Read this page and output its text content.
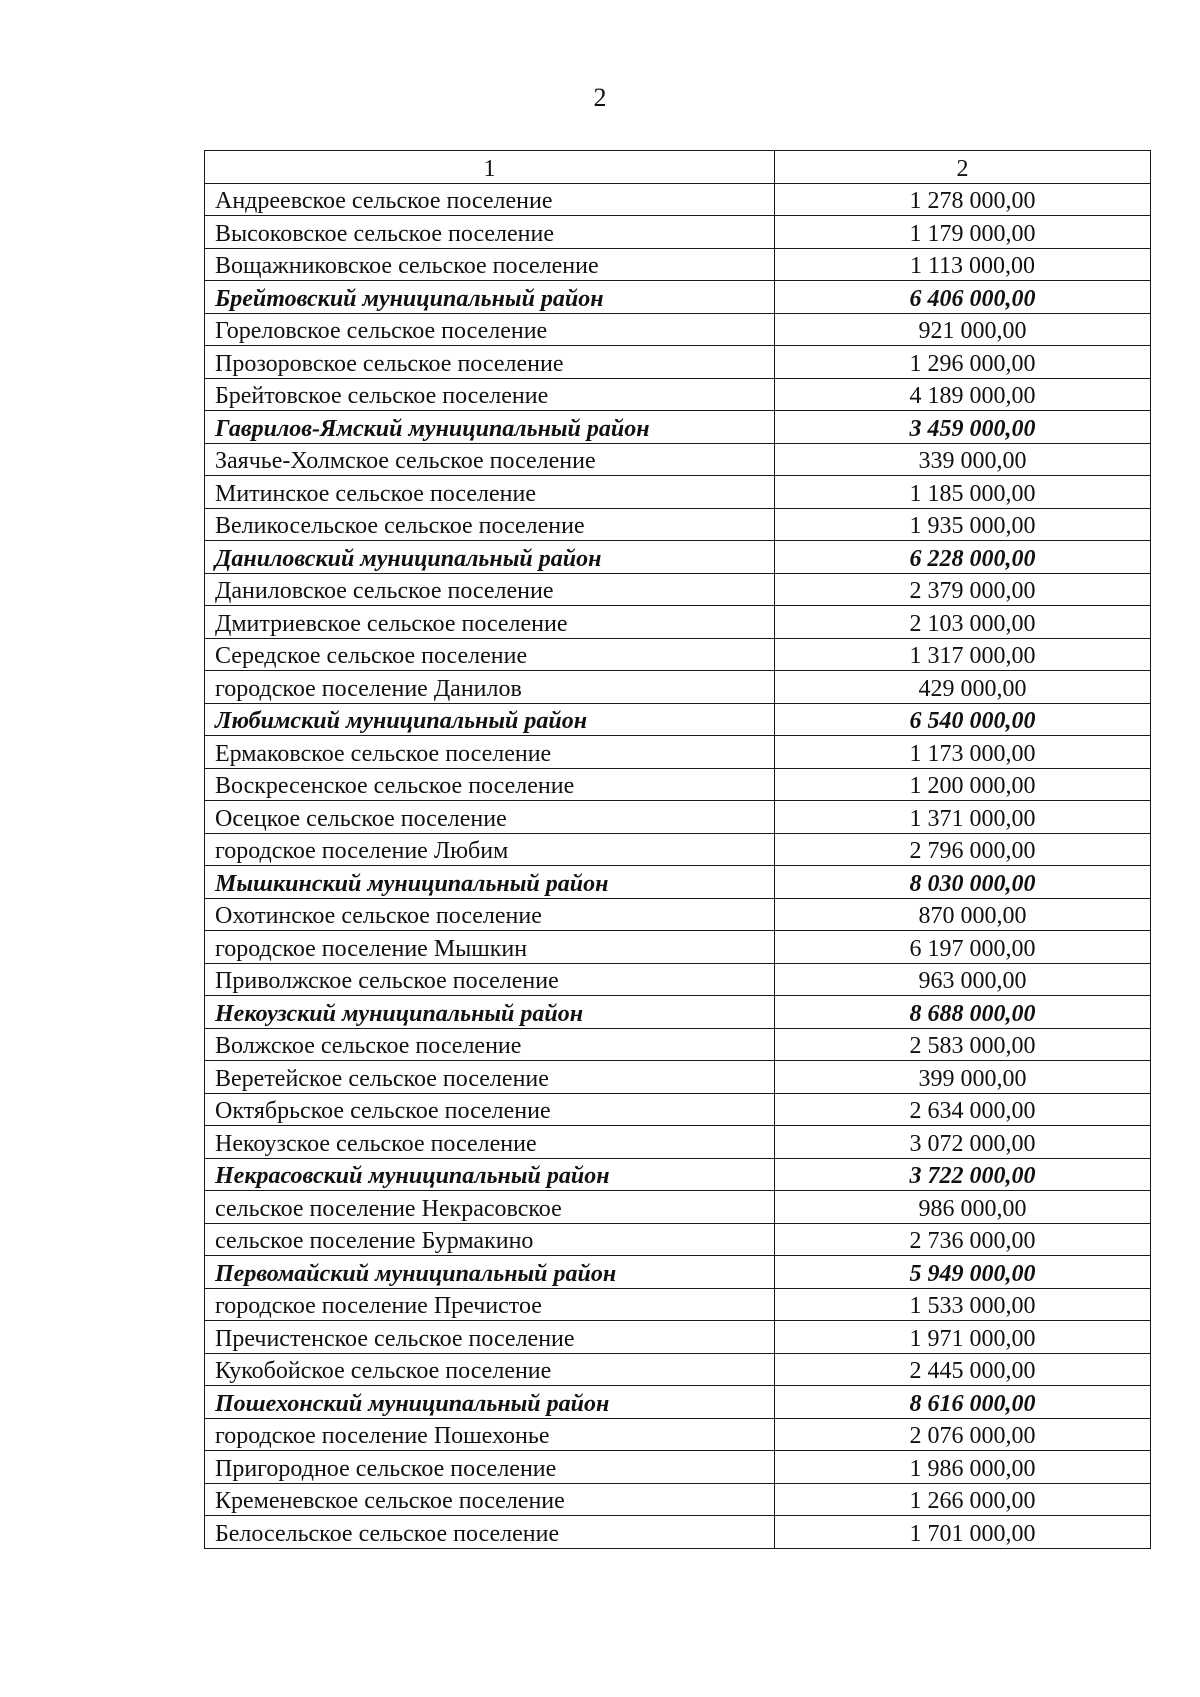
2
1	2
Андреевское сельское поселение	1 278 000,00
Высоковское сельское поселение	1 179 000,00
Вощажниковское сельское поселение	1 113 000,00
Брейтовский муниципальный район	6 406 000,00
Гореловское сельское поселение	921 000,00
Прозоровское сельское поселение	1 296 000,00
Брейтовское сельское поселение	4 189 000,00
Гаврилов-Ямский муниципальный район	3 459 000,00
Заячье-Холмское сельское поселение	339 000,00
Митинское сельское поселение	1 185 000,00
Великосельское сельское поселение	1 935 000,00
Даниловский муниципальный район	6 228 000,00
Даниловское сельское поселение	2 379 000,00
Дмитриевское сельское поселение	2 103 000,00
Середское сельское поселение	1 317 000,00
городское поселение Данилов	429 000,00
Любимский муниципальный район	6 540 000,00
Ермаковское сельское поселение	1 173 000,00
Воскресенское сельское поселение	1 200 000,00
Осецкое сельское поселение	1 371 000,00
городское поселение Любим	2 796 000,00
Мышкинский муниципальный район	8 030 000,00
Охотинское сельское поселение	870 000,00
городское поселение Мышкин	6 197 000,00
Приволжское сельское поселение	963 000,00
Некоузский муниципальный район	8 688 000,00
Волжское сельское поселение	2 583 000,00
Веретейское сельское поселение	399 000,00
Октябрьское сельское поселение	2 634 000,00
Некоузское сельское поселение	3 072 000,00
Некрасовский муниципальный район	3 722 000,00
сельское поселение Некрасовское	986 000,00
сельское поселение Бурмакино	2 736 000,00
Первомайский муниципальный район	5 949 000,00
городское поселение Пречистое	1 533 000,00
Пречистенское сельское поселение	1 971 000,00
Кукобойское сельское поселение	2 445 000,00
Пошехонский муниципальный район	8 616 000,00
городское поселение Пошехонье	2 076 000,00
Пригородное сельское поселение	1 986 000,00
Кременевское сельское поселение	1 266 000,00
Белосельское сельское поселение	1 701 000,00
